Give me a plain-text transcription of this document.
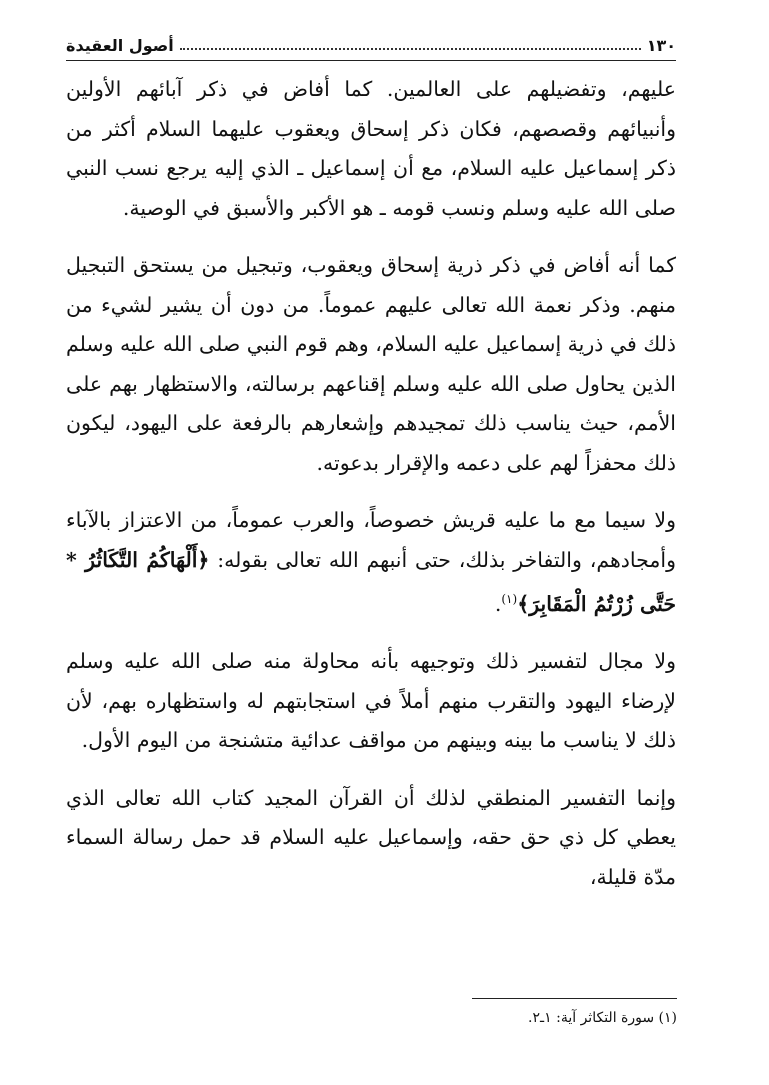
١٣٠
أصول العقيدة

عليهم، وتفضيلهم على العالمين. كما أفاض في ذكر آبائهم الأولين وأنبيائهم وقصصهم، فكان ذكر إسحاق ويعقوب عليهما السلام أكثر من ذكر إسماعيل عليه السلام، مع أن إسماعيل ـ الذي إليه يرجع نسب النبي صلى الله عليه وسلم ونسب قومه ـ هو الأكبر والأسبق في الوصية.

كما أنه أفاض في ذكر ذرية إسحاق ويعقوب، وتبجيل من يستحق التبجيل منهم. وذكر نعمة الله تعالى عليهم عموماً. من دون أن يشير لشيء من ذلك في ذرية إسماعيل عليه السلام، وهم قوم النبي صلى الله عليه وسلم الذين يحاول صلى الله عليه وسلم إقناعهم برسالته، والاستظهار بهم على الأمم، حيث يناسب ذلك تمجيدهم وإشعارهم بالرفعة على اليهود، ليكون ذلك محفزاً لهم على دعمه والإقرار بدعوته.

ولا سيما مع ما عليه قريش خصوصاً، والعرب عموماً، من الاعتزاز بالآباء وأمجادهم، والتفاخر بذلك، حتى أنبهم الله تعالى بقوله: ﴿أَلْهَاكُمُ التَّكَاثُرُ * حَتَّى زُرْتُمُ الْمَقَابِرَ﴾$^{(١)}$.

ولا مجال لتفسير ذلك وتوجيهه بأنه محاولة منه صلى الله عليه وسلم لإرضاء اليهود والتقرب منهم أملاً في استجابتهم له واستظهاره بهم، لأن ذلك لا يناسب ما بينه وبينهم من مواقف عدائية متشنجة من اليوم الأول.

وإنما التفسير المنطقي لذلك أن القرآن المجيد كتاب الله تعالى الذي يعطي كل ذي حق حقه، وإسماعيل عليه السلام قد حمل رسالة السماء مدّة قليلة،

(١) سورة التكاثر آية: ١ـ٢.
